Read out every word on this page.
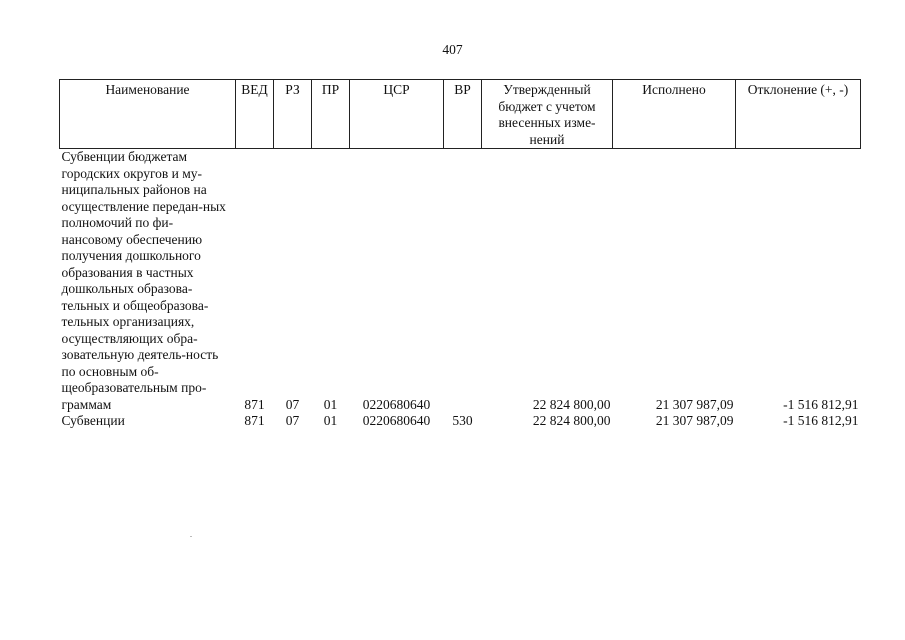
407
Наименование	ВЕД	РЗ	ПР	ЦСР	ВР	Утвержденный бюджет с учетом внесенных изме-нений	Исполнено	Отклонение (+, -)
Субвенции бюджетам городских округов и му-ниципальных районов на осуществление передан-ных полномочий по фи-нансовому обеспечению получения дошкольного образования в частных дошкольных образова-тельных и общеобразова-тельных организациях, осуществляющих обра-зовательную деятель-ность по основным об-щеобразовательным про-граммам	871	07	01	0220680640		22 824 800,00	21 307 987,09	-1 516 812,91
Субвенции	871	07	01	0220680640	530	22 824 800,00	21 307 987,09	-1 516 812,91
